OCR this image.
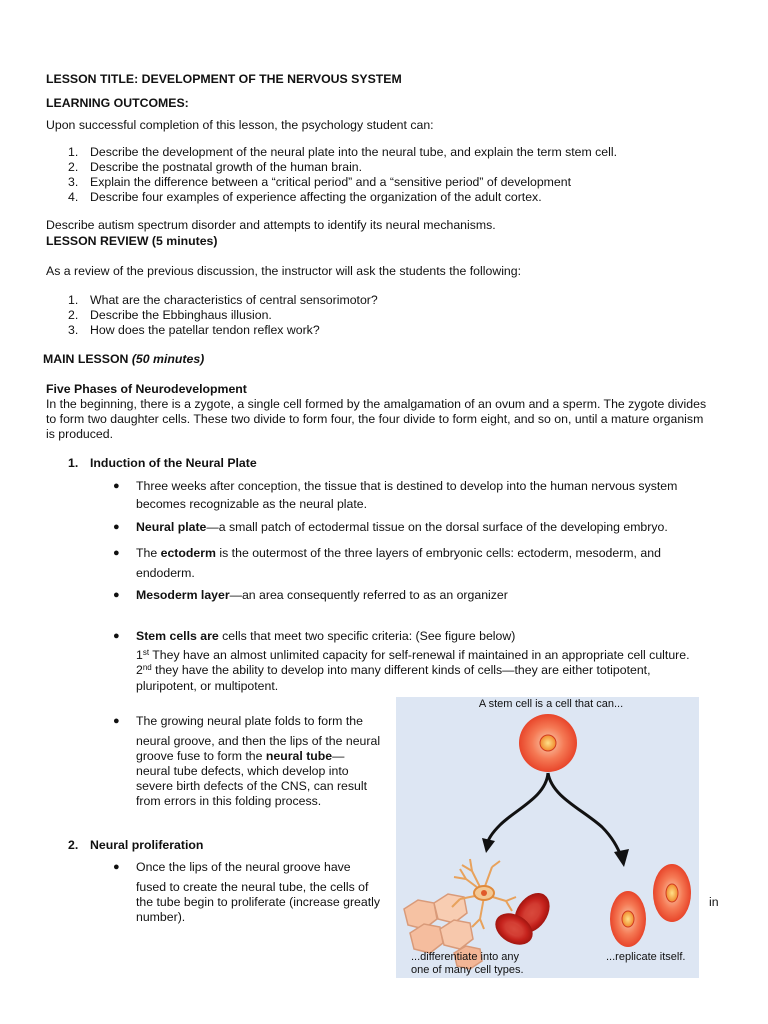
LESSON TITLE: DEVELOPMENT OF THE NERVOUS SYSTEM
LEARNING OUTCOMES:
Upon successful completion of this lesson, the psychology student can:
1. Describe the development of the neural plate into the neural tube, and explain the term stem cell.
2. Describe the postnatal growth of the human brain.
3. Explain the difference between a “critical period” and a “sensitive period” of development
4. Describe four examples of experience affecting the organization of the adult cortex.
Describe autism spectrum disorder and attempts to identify its neural mechanisms.
LESSON REVIEW (5 minutes)
As a review of the previous discussion, the instructor will ask the students the following:
1. What are the characteristics of central sensorimotor?
2. Describe the Ebbinghaus illusion.
3. How does the patellar tendon reflex work?
MAIN LESSON (50 minutes)
Five Phases of Neurodevelopment
In the beginning, there is a zygote, a single cell formed by the amalgamation of an ovum and a sperm. The zygote divides
to form two daughter cells. These two divide to form four, the four divide to form eight, and so on, until a mature organism
is produced.
1. Induction of the Neural Plate
● Three weeks after conception, the tissue that is destined to develop into the human nervous system
becomes recognizable as the neural plate.
● Neural plate—a small patch of ectodermal tissue on the dorsal surface of the developing embryo.
● The ectoderm is the outermost of the three layers of embryonic cells: ectoderm, mesoderm, and
endoderm.
● Mesoderm layer—an area consequently referred to as an organizer
● Stem cells are cells that meet two specific criteria: (See figure below)
1st They have an almost unlimited capacity for self-renewal if maintained in an appropriate cell culture.
2nd they have the ability to develop into many different kinds of cells—they are either totipotent,
pluripotent, or multipotent.
● The growing neural plate folds to form the
neural groove, and then the lips of the neural
groove fuse to form the neural tube—
neural tube defects, which develop into
severe birth defects of the CNS, can result
from errors in this folding process.
2. Neural proliferation
● Once the lips of the neural groove have
fused to create the neural tube, the cells of
the tube begin to proliferate (increase greatly	in
number).
A stem cell is a cell that can...
...differentiate into any
one of many cell types.
...replicate itself.
